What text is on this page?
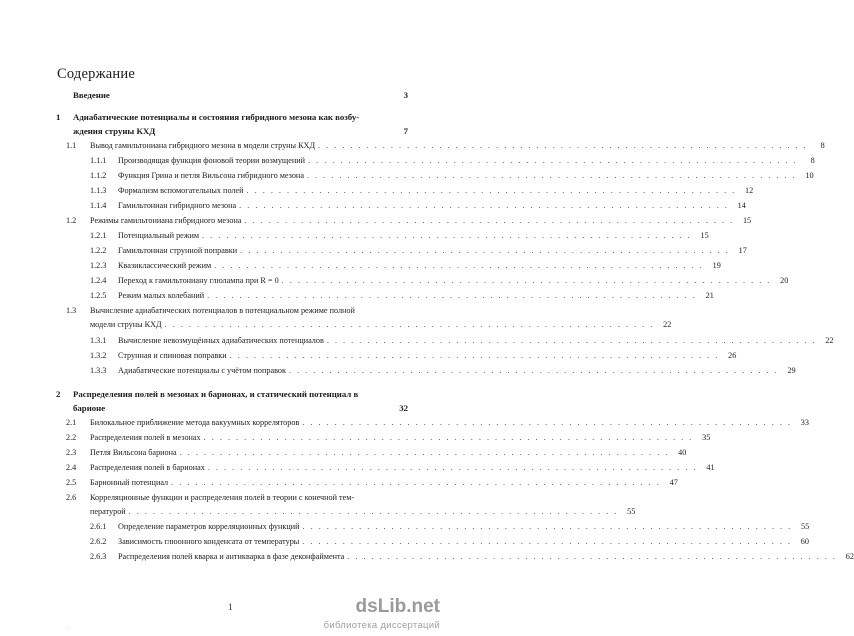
Содержание
Введение	3
1 Адиабатические потенциалы и состояния гибридного мезона как возбу-
ждения струны КХД	7
1.1 Вывод гамильтониана гибридного мезона в модели струны КХД . . . . . . . . . . . . . . . . . . . . . . . . . . . . . . . . . . . . . . . . . . . . . . . . . . . . . . . . . . . . .	8
1.1.1 Производящая функция фоновой теории возмущений . . . . . . . . . . . . . . . . . . . . . . . . . . . . . . . . . . . . . . . . . . . . . . . . . . . . . . . . . . . . .	8
1.1.2 Функция Грина и петля Вильсона гибридного мезона . . . . . . . . . . . . . . . . . . . . . . . . . . . . . . . . . . . . . . . . . . . . . . . . . . . . . . . . . . . . .	10
1.1.3 Формализм вспомогательных полей . . . . . . . . . . . . . . . . . . . . . . . . . . . . . . . . . . . . . . . . . . . . . . . . . . . . . . . . . . . . .	12
1.1.4 Гамильтониан гибридного мезона . . . . . . . . . . . . . . . . . . . . . . . . . . . . . . . . . . . . . . . . . . . . . . . . . . . . . . . . . . . . .	14
1.2 Режимы гамильтониана гибридного мезона . . . . . . . . . . . . . . . . . . . . . . . . . . . . . . . . . . . . . . . . . . . . . . . . . . . . . . . . . . . . .	15
1.2.1 Потенциальный режим . . . . . . . . . . . . . . . . . . . . . . . . . . . . . . . . . . . . . . . . . . . . . . . . . . . . . . . . . . . . .	15
1.2.2 Гамильтониан струнной поправки . . . . . . . . . . . . . . . . . . . . . . . . . . . . . . . . . . . . . . . . . . . . . . . . . . . . . . . . . . . . .	17
1.2.3 Квазиклассический режим . . . . . . . . . . . . . . . . . . . . . . . . . . . . . . . . . . . . . . . . . . . . . . . . . . . . . . . . . . . . .	19
1.2.4 Переход к гамильтониану глюлампа при R = 0 . . . . . . . . . . . . . . . . . . . . . . . . . . . . . . . . . . . . . . . . . . . . . . . . . . . . . . . . . . . . .	20
1.2.5 Режим малых колебаний . . . . . . . . . . . . . . . . . . . . . . . . . . . . . . . . . . . . . . . . . . . . . . . . . . . . . . . . . . . . .	21
1.3 Вычисление адиабатических потенциалов в потенциальном режиме полной
модели струны КХД . . . . . . . . . . . . . . . . . . . . . . . . . . . . . . . . . . . . . . . . . . . . . . . . . . . . . . . . . . . . .	22
1.3.1 Вычисление невозмущённых адиабатических потенциалов . . . . . . . . . . . . . . . . . . . . . . . . . . . . . . . . . . . . . . . . . . . . . . . . . . . . . . . . . . . . .	22
1.3.2 Струнная и спиновая поправки . . . . . . . . . . . . . . . . . . . . . . . . . . . . . . . . . . . . . . . . . . . . . . . . . . . . . . . . . . . . .	26
1.3.3 Адиабатические потенциалы с учётом поправок . . . . . . . . . . . . . . . . . . . . . . . . . . . . . . . . . . . . . . . . . . . . . . . . . . . . . . . . . . . . .	29
2 Распределения полей в мезонах и барионах, и статический потенциал в
барионе	32
2.1 Билокальное приближение метода вакуумных корреляторов . . . . . . . . . . . . . . . . . . . . . . . . . . . . . . . . . . . . . . . . . . . . . . . . . . . . . . . . . . . . .	33
2.2 Распределения полей в мезонах . . . . . . . . . . . . . . . . . . . . . . . . . . . . . . . . . . . . . . . . . . . . . . . . . . . . . . . . . . . . .	35
2.3 Петля Вильсона бариона . . . . . . . . . . . . . . . . . . . . . . . . . . . . . . . . . . . . . . . . . . . . . . . . . . . . . . . . . . . . .	40
2.4 Распределения полей в барионах . . . . . . . . . . . . . . . . . . . . . . . . . . . . . . . . . . . . . . . . . . . . . . . . . . . . . . . . . . . . .	41
2.5 Барионный потенциал . . . . . . . . . . . . . . . . . . . . . . . . . . . . . . . . . . . . . . . . . . . . . . . . . . . . . . . . . . . . .	47
2.6 Корреляционные функции и распределения полей в теории с конечной тем-
пературой . . . . . . . . . . . . . . . . . . . . . . . . . . . . . . . . . . . . . . . . . . . . . . . . . . . . . . . . . . . . .	55
2.6.1 Определение параметров корреляционных функций . . . . . . . . . . . . . . . . . . . . . . . . . . . . . . . . . . . . . . . . . . . . . . . . . . . . . . . . . . . . .	55
2.6.2 Зависимость глюонного конденсата от температуры . . . . . . . . . . . . . . . . . . . . . . . . . . . . . . . . . . . . . . . . . . . . . . . . . . . . . . . . . . . . .	60
2.6.3 Распределения полей кварка и антикварка в фазе деконфаймента . . . . . . . . . . . . . . . . . . . . . . . . . . . . . . . . . . . . . . . . . . . . . . . . . . . . . . . . . . . . .	62
1	dsLib.net
библиотека диссертаций
· ·
